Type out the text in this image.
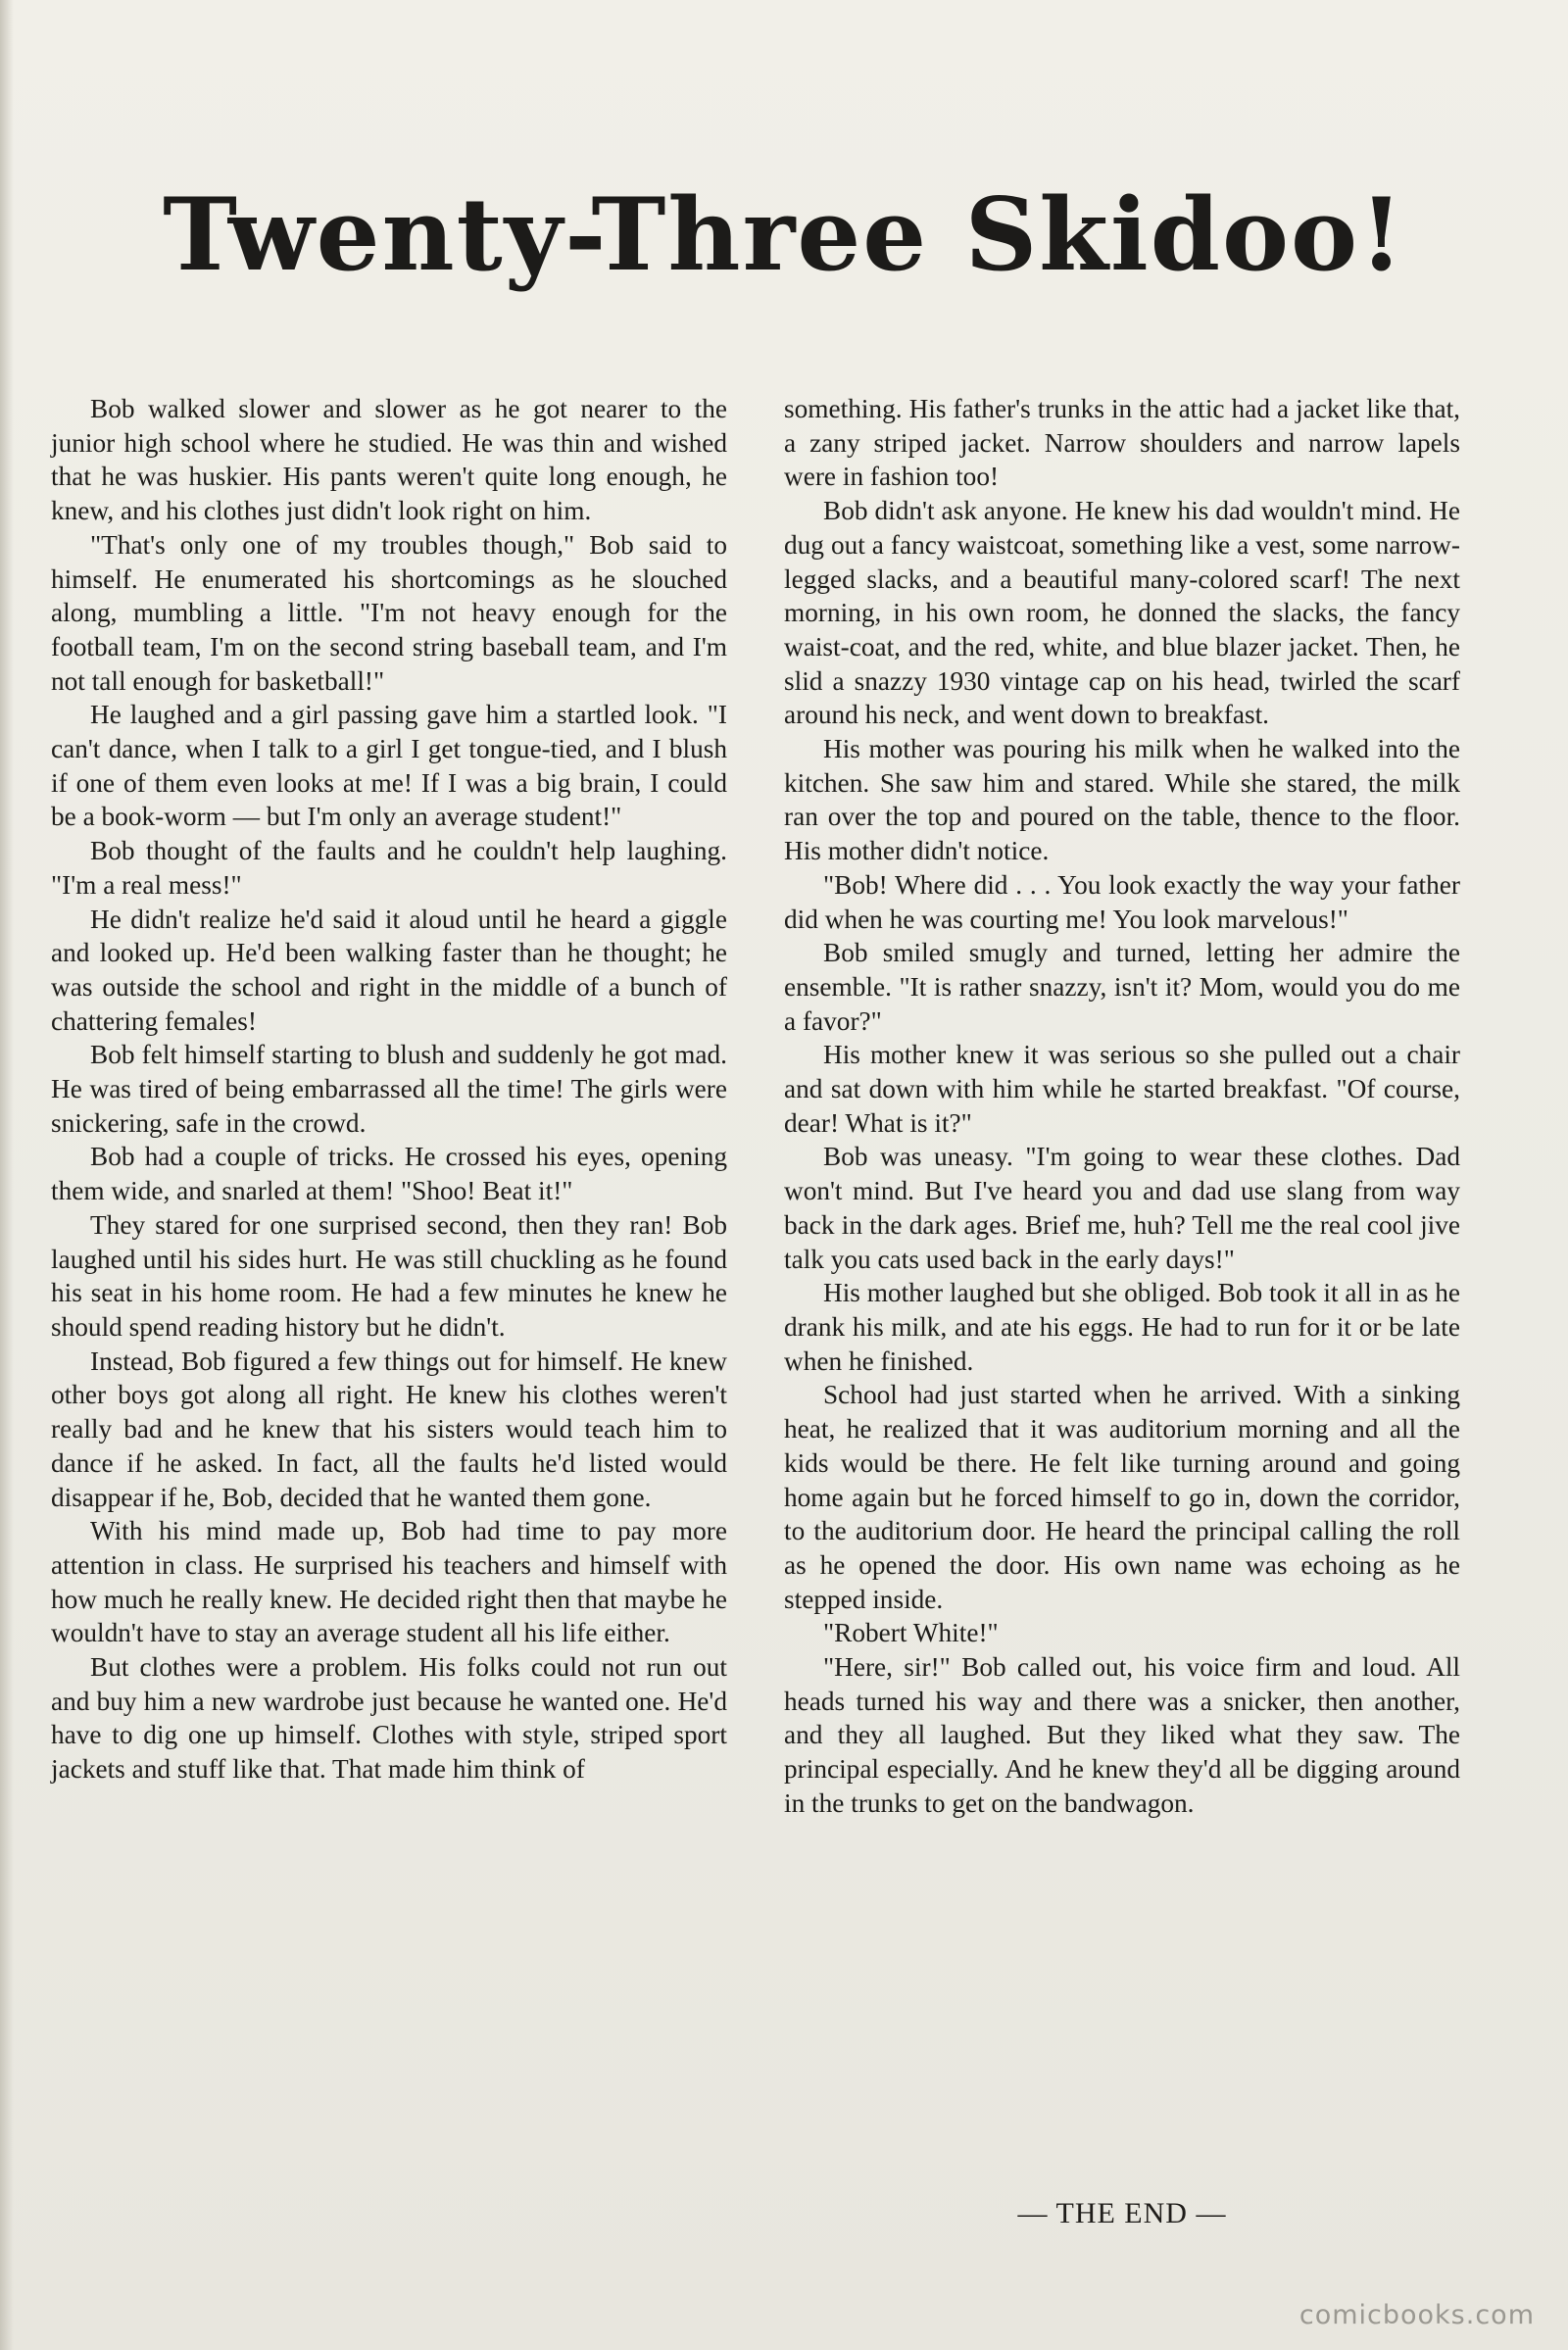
Twenty-Three Skidoo!

Bob walked slower and slower as he got nearer to the junior high school where he studied. He was thin and wished that he was huskier. His pants weren't quite long enough, he knew, and his clothes just didn't look right on him.

"That's only one of my troubles though," Bob said to himself. He enumerated his shortcomings as he slouched along, mumbling a little. "I'm not heavy enough for the football team, I'm on the second string baseball team, and I'm not tall enough for basketball!"

He laughed and a girl passing gave him a startled look. "I can't dance, when I talk to a girl I get tongue-tied, and I blush if one of them even looks at me! If I was a big brain, I could be a book-worm — but I'm only an average student!"

Bob thought of the faults and he couldn't help laughing. "I'm a real mess!"

He didn't realize he'd said it aloud until he heard a giggle and looked up. He'd been walking faster than he thought; he was outside the school and right in the middle of a bunch of chattering females!

Bob felt himself starting to blush and suddenly he got mad. He was tired of being embarrassed all the time! The girls were snickering, safe in the crowd.

Bob had a couple of tricks. He crossed his eyes, opening them wide, and snarled at them! "Shoo! Beat it!"

They stared for one surprised second, then they ran! Bob laughed until his sides hurt. He was still chuckling as he found his seat in his home room. He had a few minutes he knew he should spend reading history but he didn't.

Instead, Bob figured a few things out for himself. He knew other boys got along all right. He knew his clothes weren't really bad and he knew that his sisters would teach him to dance if he asked. In fact, all the faults he'd listed would disappear if he, Bob, decided that he wanted them gone.

With his mind made up, Bob had time to pay more attention in class. He surprised his teachers and himself with how much he really knew. He decided right then that maybe he wouldn't have to stay an average student all his life either.

But clothes were a problem. His folks could not run out and buy him a new wardrobe just because he wanted one. He'd have to dig one up himself. Clothes with style, striped sport jackets and stuff like that. That made him think of

something. His father's trunks in the attic had a jacket like that, a zany striped jacket. Narrow shoulders and narrow lapels were in fashion too!

Bob didn't ask anyone. He knew his dad wouldn't mind. He dug out a fancy waistcoat, something like a vest, some narrow-legged slacks, and a beautiful many-colored scarf! The next morning, in his own room, he donned the slacks, the fancy waist-coat, and the red, white, and blue blazer jacket. Then, he slid a snazzy 1930 vintage cap on his head, twirled the scarf around his neck, and went down to breakfast.

His mother was pouring his milk when he walked into the kitchen. She saw him and stared. While she stared, the milk ran over the top and poured on the table, thence to the floor. His mother didn't notice.

"Bob! Where did . . . You look exactly the way your father did when he was courting me! You look marvelous!"

Bob smiled smugly and turned, letting her admire the ensemble. "It is rather snazzy, isn't it? Mom, would you do me a favor?"

His mother knew it was serious so she pulled out a chair and sat down with him while he started breakfast. "Of course, dear! What is it?"

Bob was uneasy. "I'm going to wear these clothes. Dad won't mind. But I've heard you and dad use slang from way back in the dark ages. Brief me, huh? Tell me the real cool jive talk you cats used back in the early days!"

His mother laughed but she obliged. Bob took it all in as he drank his milk, and ate his eggs. He had to run for it or be late when he finished.

School had just started when he arrived. With a sinking heat, he realized that it was auditorium morning and all the kids would be there. He felt like turning around and going home again but he forced himself to go in, down the corridor, to the auditorium door. He heard the principal calling the roll as he opened the door. His own name was echoing as he stepped inside.

"Robert White!"

"Here, sir!" Bob called out, his voice firm and loud. All heads turned his way and there was a snicker, then another, and they all laughed. But they liked what they saw. The principal especially. And he knew they'd all be digging around in the trunks to get on the bandwagon.

— THE END —
comicbooks.com
